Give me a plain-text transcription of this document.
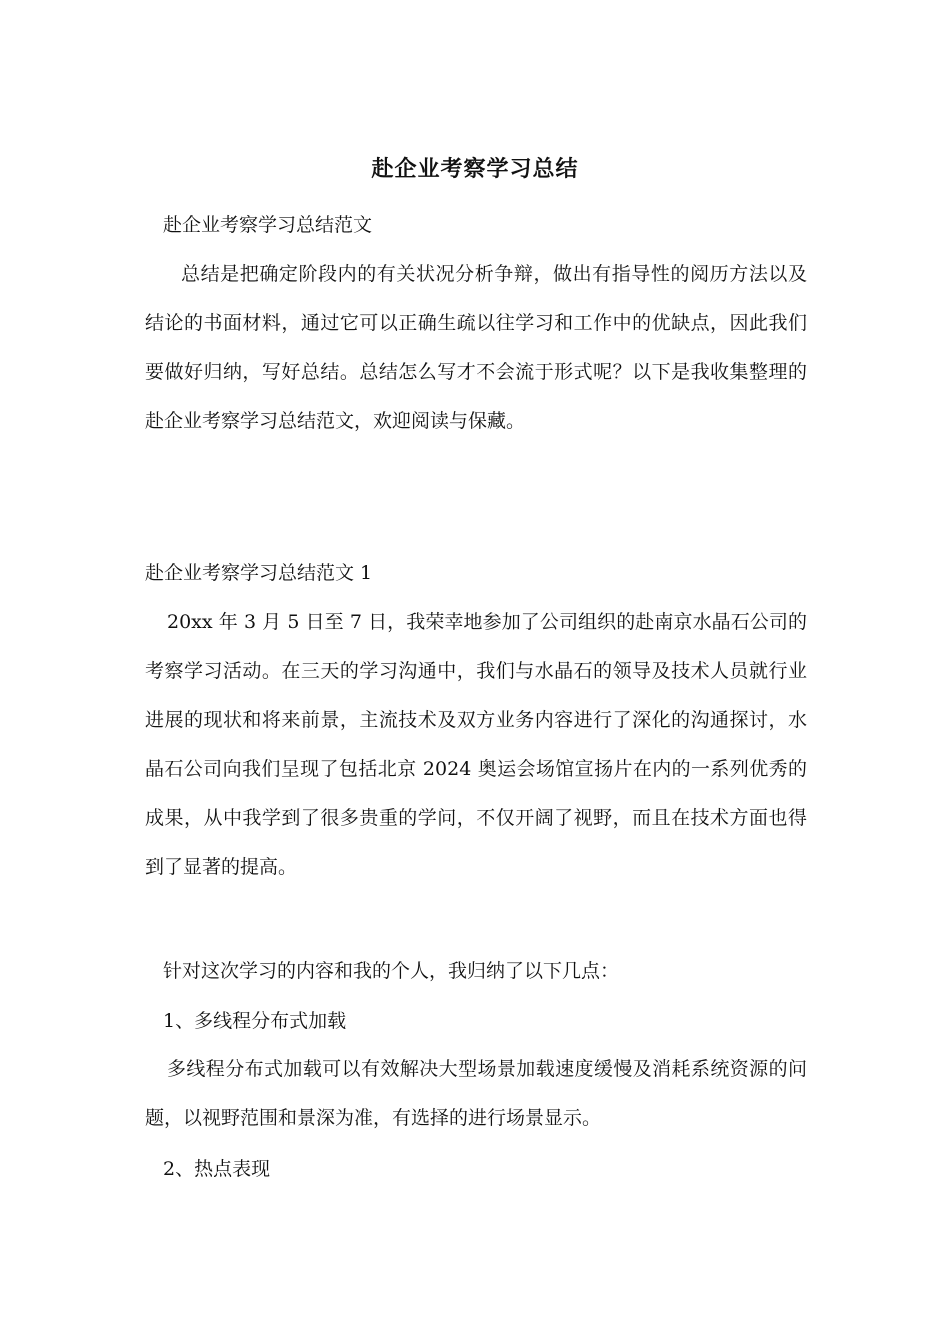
赴企业考察学习总结
赴企业考察学习总结范文

总结是把确定阶段内的有关状况分析争辩，做出有指导性的阅历方法以及结论的书面材料，通过它可以正确生疏以往学习和工作中的优缺点，因此我们要做好归纳，写好总结。总结怎么写才不会流于形式呢？以下是我收集整理的赴企业考察学习总结范文，欢迎阅读与保藏。

赴企业考察学习总结范文 1

20xx 年 3 月 5 日至 7 日，我荣幸地参加了公司组织的赴南京水晶石公司的考察学习活动。在三天的学习沟通中，我们与水晶石的领导及技术人员就行业进展的现状和将来前景，主流技术及双方业务内容进行了深化的沟通探讨，水晶石公司向我们呈现了包括北京 2024 奥运会场馆宣扬片在内的一系列优秀的成果，从中我学到了很多贵重的学问，不仅开阔了视野，而且在技术方面也得到了显著的提高。

针对这次学习的内容和我的个人，我归纳了以下几点：
1、多线程分布式加载

多线程分布式加载可以有效解决大型场景加载速度缓慢及消耗系统资源的问题，以视野范围和景深为准，有选择的进行场景显示。

2、热点表现
